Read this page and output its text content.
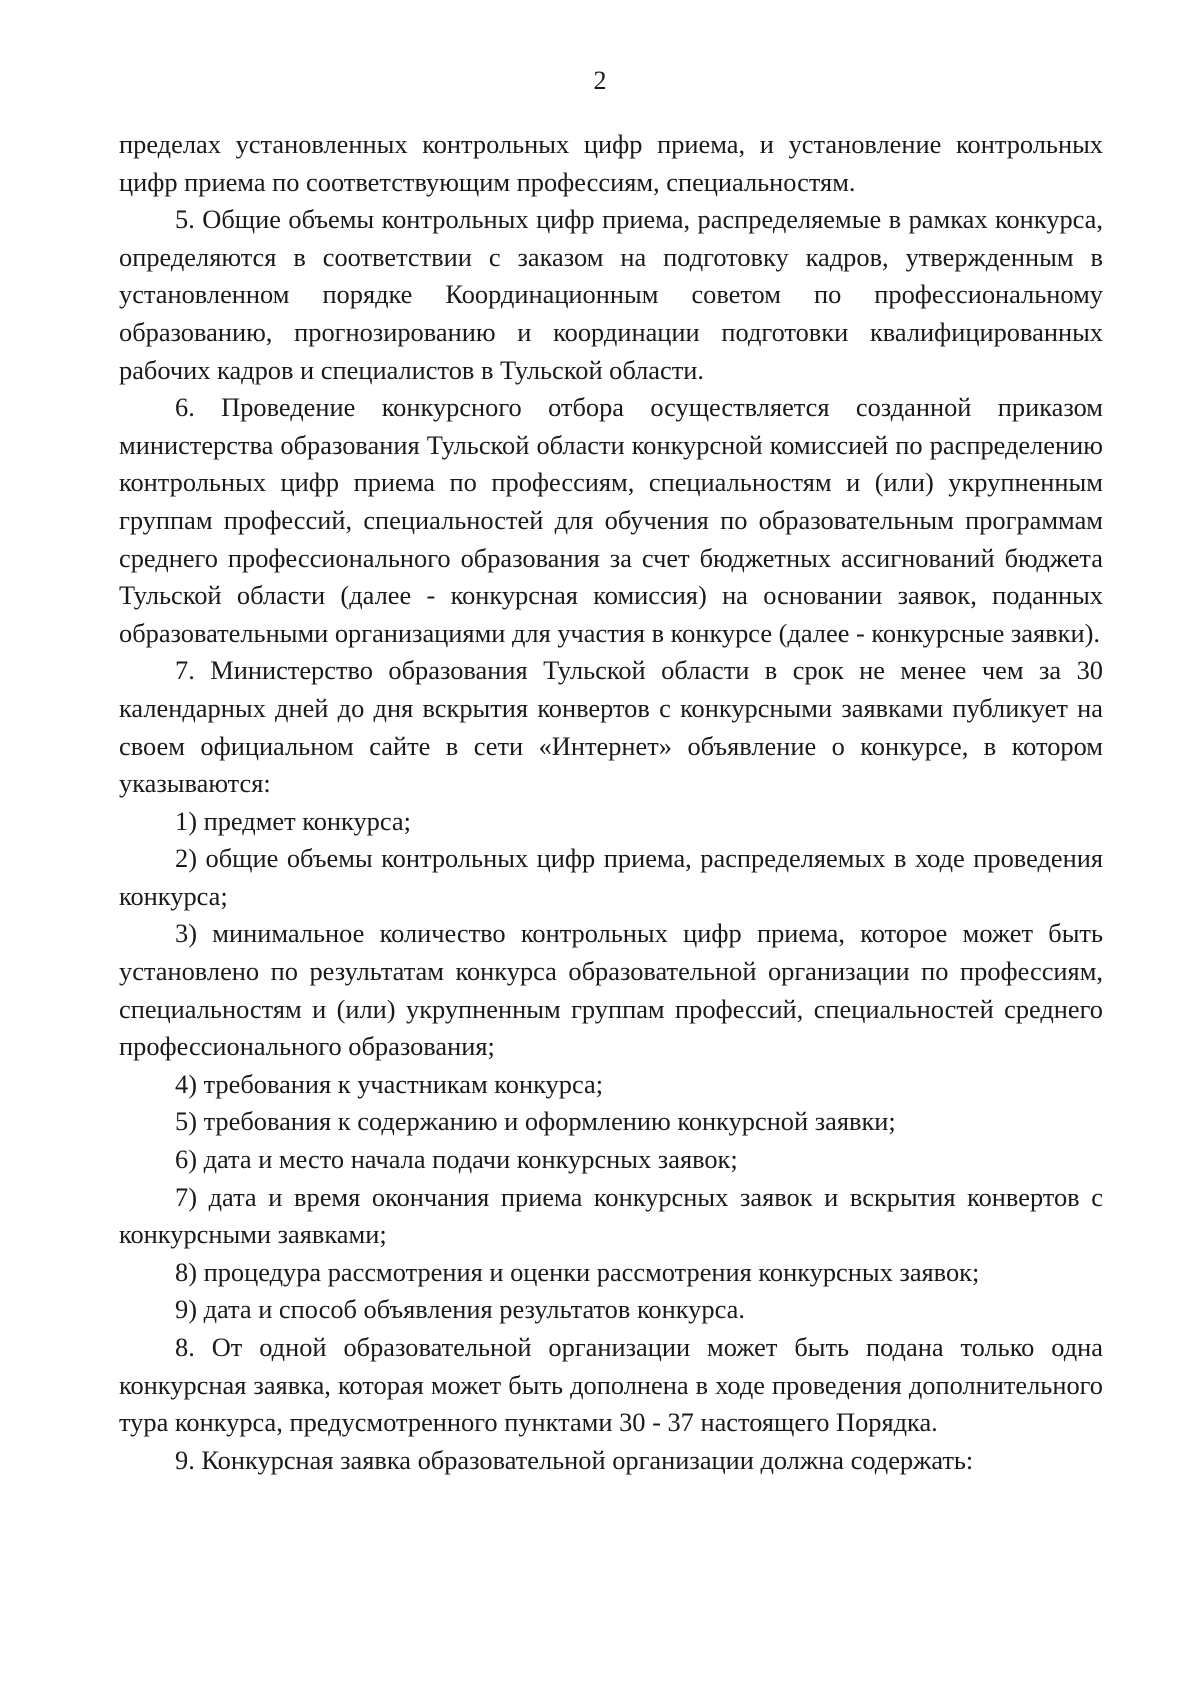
2

пределах установленных контрольных цифр приема, и установление контрольных цифр приема по соответствующим профессиям, специальностям.

5. Общие объемы контрольных цифр приема, распределяемые в рамках конкурса, определяются в соответствии с заказом на подготовку кадров, утвержденным в установленном порядке Координационным советом по профессиональному образованию, прогнозированию и координации подготовки квалифицированных рабочих кадров и специалистов в Тульской области.

6. Проведение конкурсного отбора осуществляется созданной приказом министерства образования Тульской области конкурсной комиссией по распределению контрольных цифр приема по профессиям, специальностям и (или) укрупненным группам профессий, специальностей для обучения по образовательным программам среднего профессионального образования за счет бюджетных ассигнований бюджета Тульской области (далее - конкурсная комиссия) на основании заявок, поданных образовательными организациями для участия в конкурсе (далее - конкурсные заявки).

7. Министерство образования Тульской области в срок не менее чем за 30 календарных дней до дня вскрытия конвертов с конкурсными заявками публикует на своем официальном сайте в сети «Интернет» объявление о конкурсе, в котором указываются:

1) предмет конкурса;

2) общие объемы контрольных цифр приема, распределяемых в ходе проведения конкурса;

3) минимальное количество контрольных цифр приема, которое может быть установлено по результатам конкурса образовательной организации по профессиям, специальностям и (или) укрупненным группам профессий, специальностей среднего профессионального образования;

4) требования к участникам конкурса;

5) требования к содержанию и оформлению конкурсной заявки;

6) дата и место начала подачи конкурсных заявок;

7) дата и время окончания приема конкурсных заявок и вскрытия конвертов с конкурсными заявками;

8) процедура рассмотрения и оценки рассмотрения конкурсных заявок;

9) дата и способ объявления результатов конкурса.

8. От одной образовательной организации может быть подана только одна конкурсная заявка, которая может быть дополнена в ходе проведения дополнительного тура конкурса, предусмотренного пунктами 30 - 37 настоящего Порядка.

9. Конкурсная заявка образовательной организации должна содержать:
